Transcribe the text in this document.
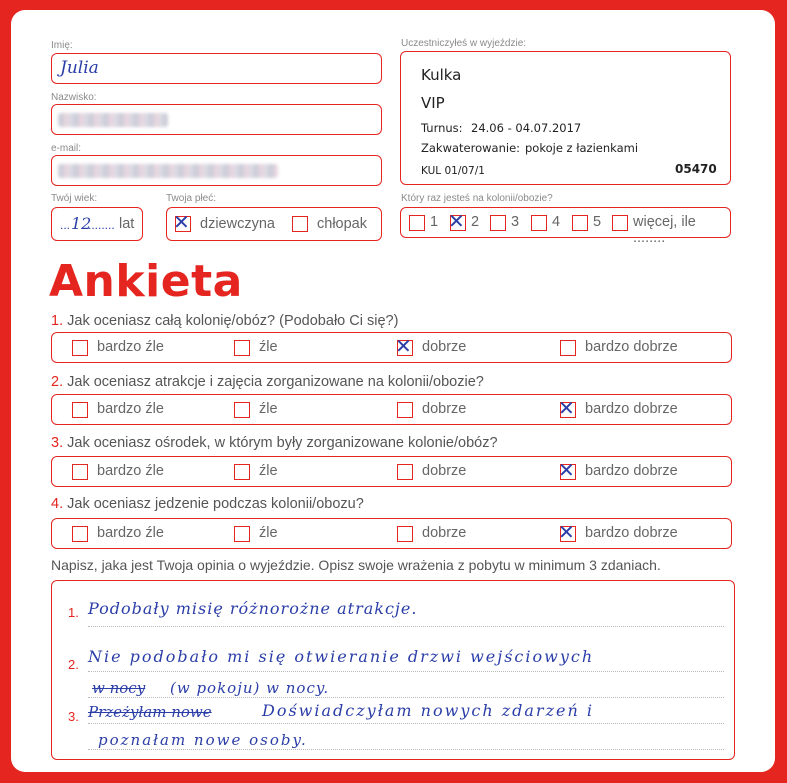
Imię:
Julia
Nazwisko:
e-mail:
Twój wiek:
... 12
........ lat
Twoja płeć:
✕ dziewczyna	chłopak
Uczestniczyłeś w wyjeździe:
Kulka
VIP
Turnus: 24.06 - 04.07.2017
Zakwaterowanie: pokoje z łazienkami
KUL 01/07/1	05470
Który raz jesteś na kolonii/obozie?
1 ✕ 2 3 4 5 więcej, ile ........
Ankieta
1. Jak oceniasz całą kolonię/obóz? (Podobało Ci się?)
bardzo źle	źle	✕ dobrze	bardzo dobrze
2. Jak oceniasz atrakcje i zajęcia zorganizowane na kolonii/obozie?
bardzo źle	źle	dobrze	✕ bardzo dobrze
3. Jak oceniasz ośrodek, w którym były zorganizowane kolonie/obóz?
bardzo źle	źle	dobrze	✕ bardzo dobrze
4. Jak oceniasz jedzenie podczas kolonii/obozu?
bardzo źle	źle	dobrze	✕ bardzo dobrze
Napisz, jaka jest Twoja opinia o wyjeździe. Opisz swoje wrażenia z pobytu w minimum 3 zdaniach.
1. Podobały misię różnorożne atrakcje.
2. Nie podobało mi się otwieranie drzwi wejściowych
w nocy (w pokoju) w nocy.
3. Przeżyłam nowe	Doświadczyłam nowych zdarzeń i
poznałam nowe osoby.
